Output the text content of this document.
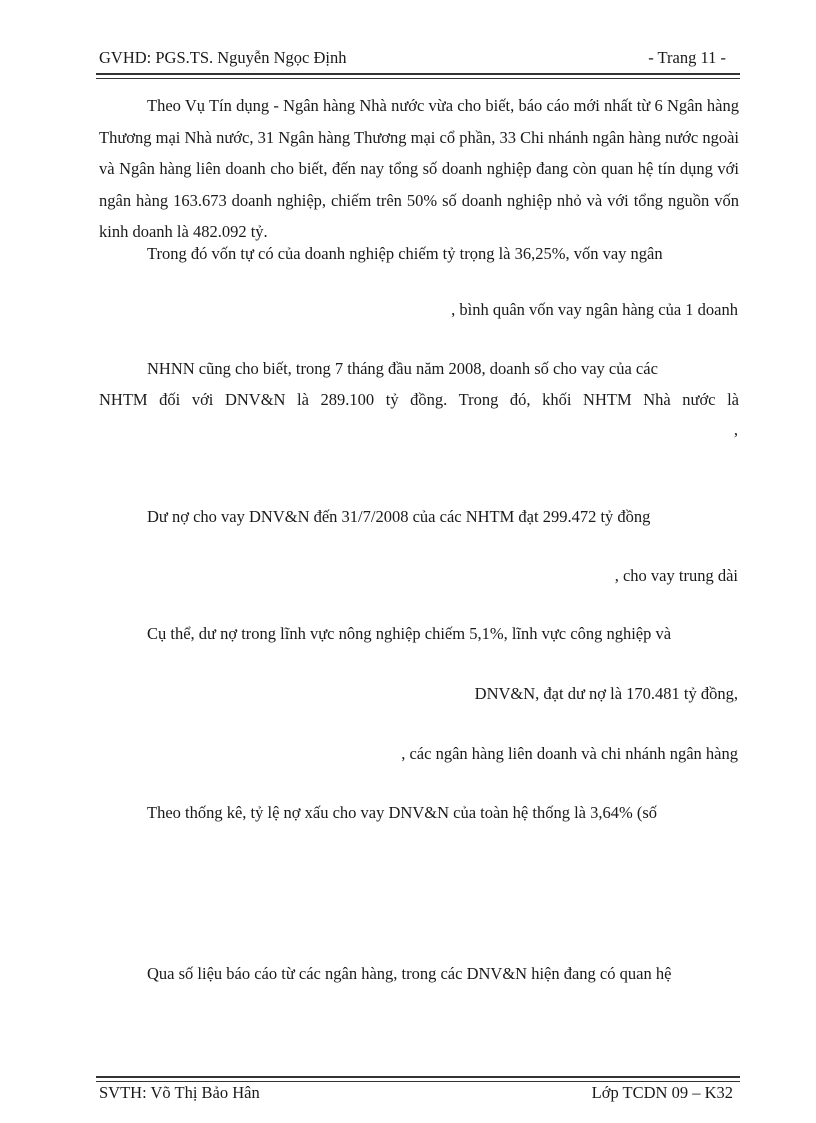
GVHD: PGS.TS. Nguyễn Ngọc Định	- Trang 11 -
Theo Vụ Tín dụng - Ngân hàng Nhà nước vừa cho biết, báo cáo mới nhất từ 6 Ngân hàng Thương mại Nhà nước, 31 Ngân hàng Thương mại cổ phần, 33 Chi nhánh ngân hàng nước ngoài và Ngân hàng liên doanh cho biết, đến nay tổng số doanh nghiệp đang còn quan hệ tín dụng với ngân hàng 163.673 doanh nghiệp, chiếm trên 50% số doanh nghiệp nhỏ và với tổng nguồn vốn kinh doanh là 482.092 tỷ.
Trong đó vốn tự có của doanh nghiệp chiếm tỷ trọng là 36,25%, vốn vay ngân
, bình quân vốn vay ngân hàng của 1 doanh
NHNN cũng cho biết, trong 7 tháng đầu năm 2008, doanh số cho vay của các
NHTM đối với DNV&N là 289.100 tỷ đồng. Trong đó, khối NHTM Nhà nước là
,
Dư nợ cho vay DNV&N đến 31/7/2008 của các NHTM đạt 299.472 tỷ đồng
, cho vay trung dài
Cụ thể, dư nợ trong lĩnh vực nông nghiệp chiếm 5,1%, lĩnh vực công nghiệp và
DNV&N, đạt dư nợ là 170.481 tỷ đồng,
, các ngân hàng liên doanh và chi nhánh ngân hàng
Theo thống kê, tỷ lệ nợ xấu cho vay DNV&N của toàn hệ thống là 3,64% (số
Qua số liệu báo cáo từ các ngân hàng, trong các DNV&N hiện đang có quan hệ
SVTH: Võ Thị Bảo Hân	Lớp TCDN 09 – K32
